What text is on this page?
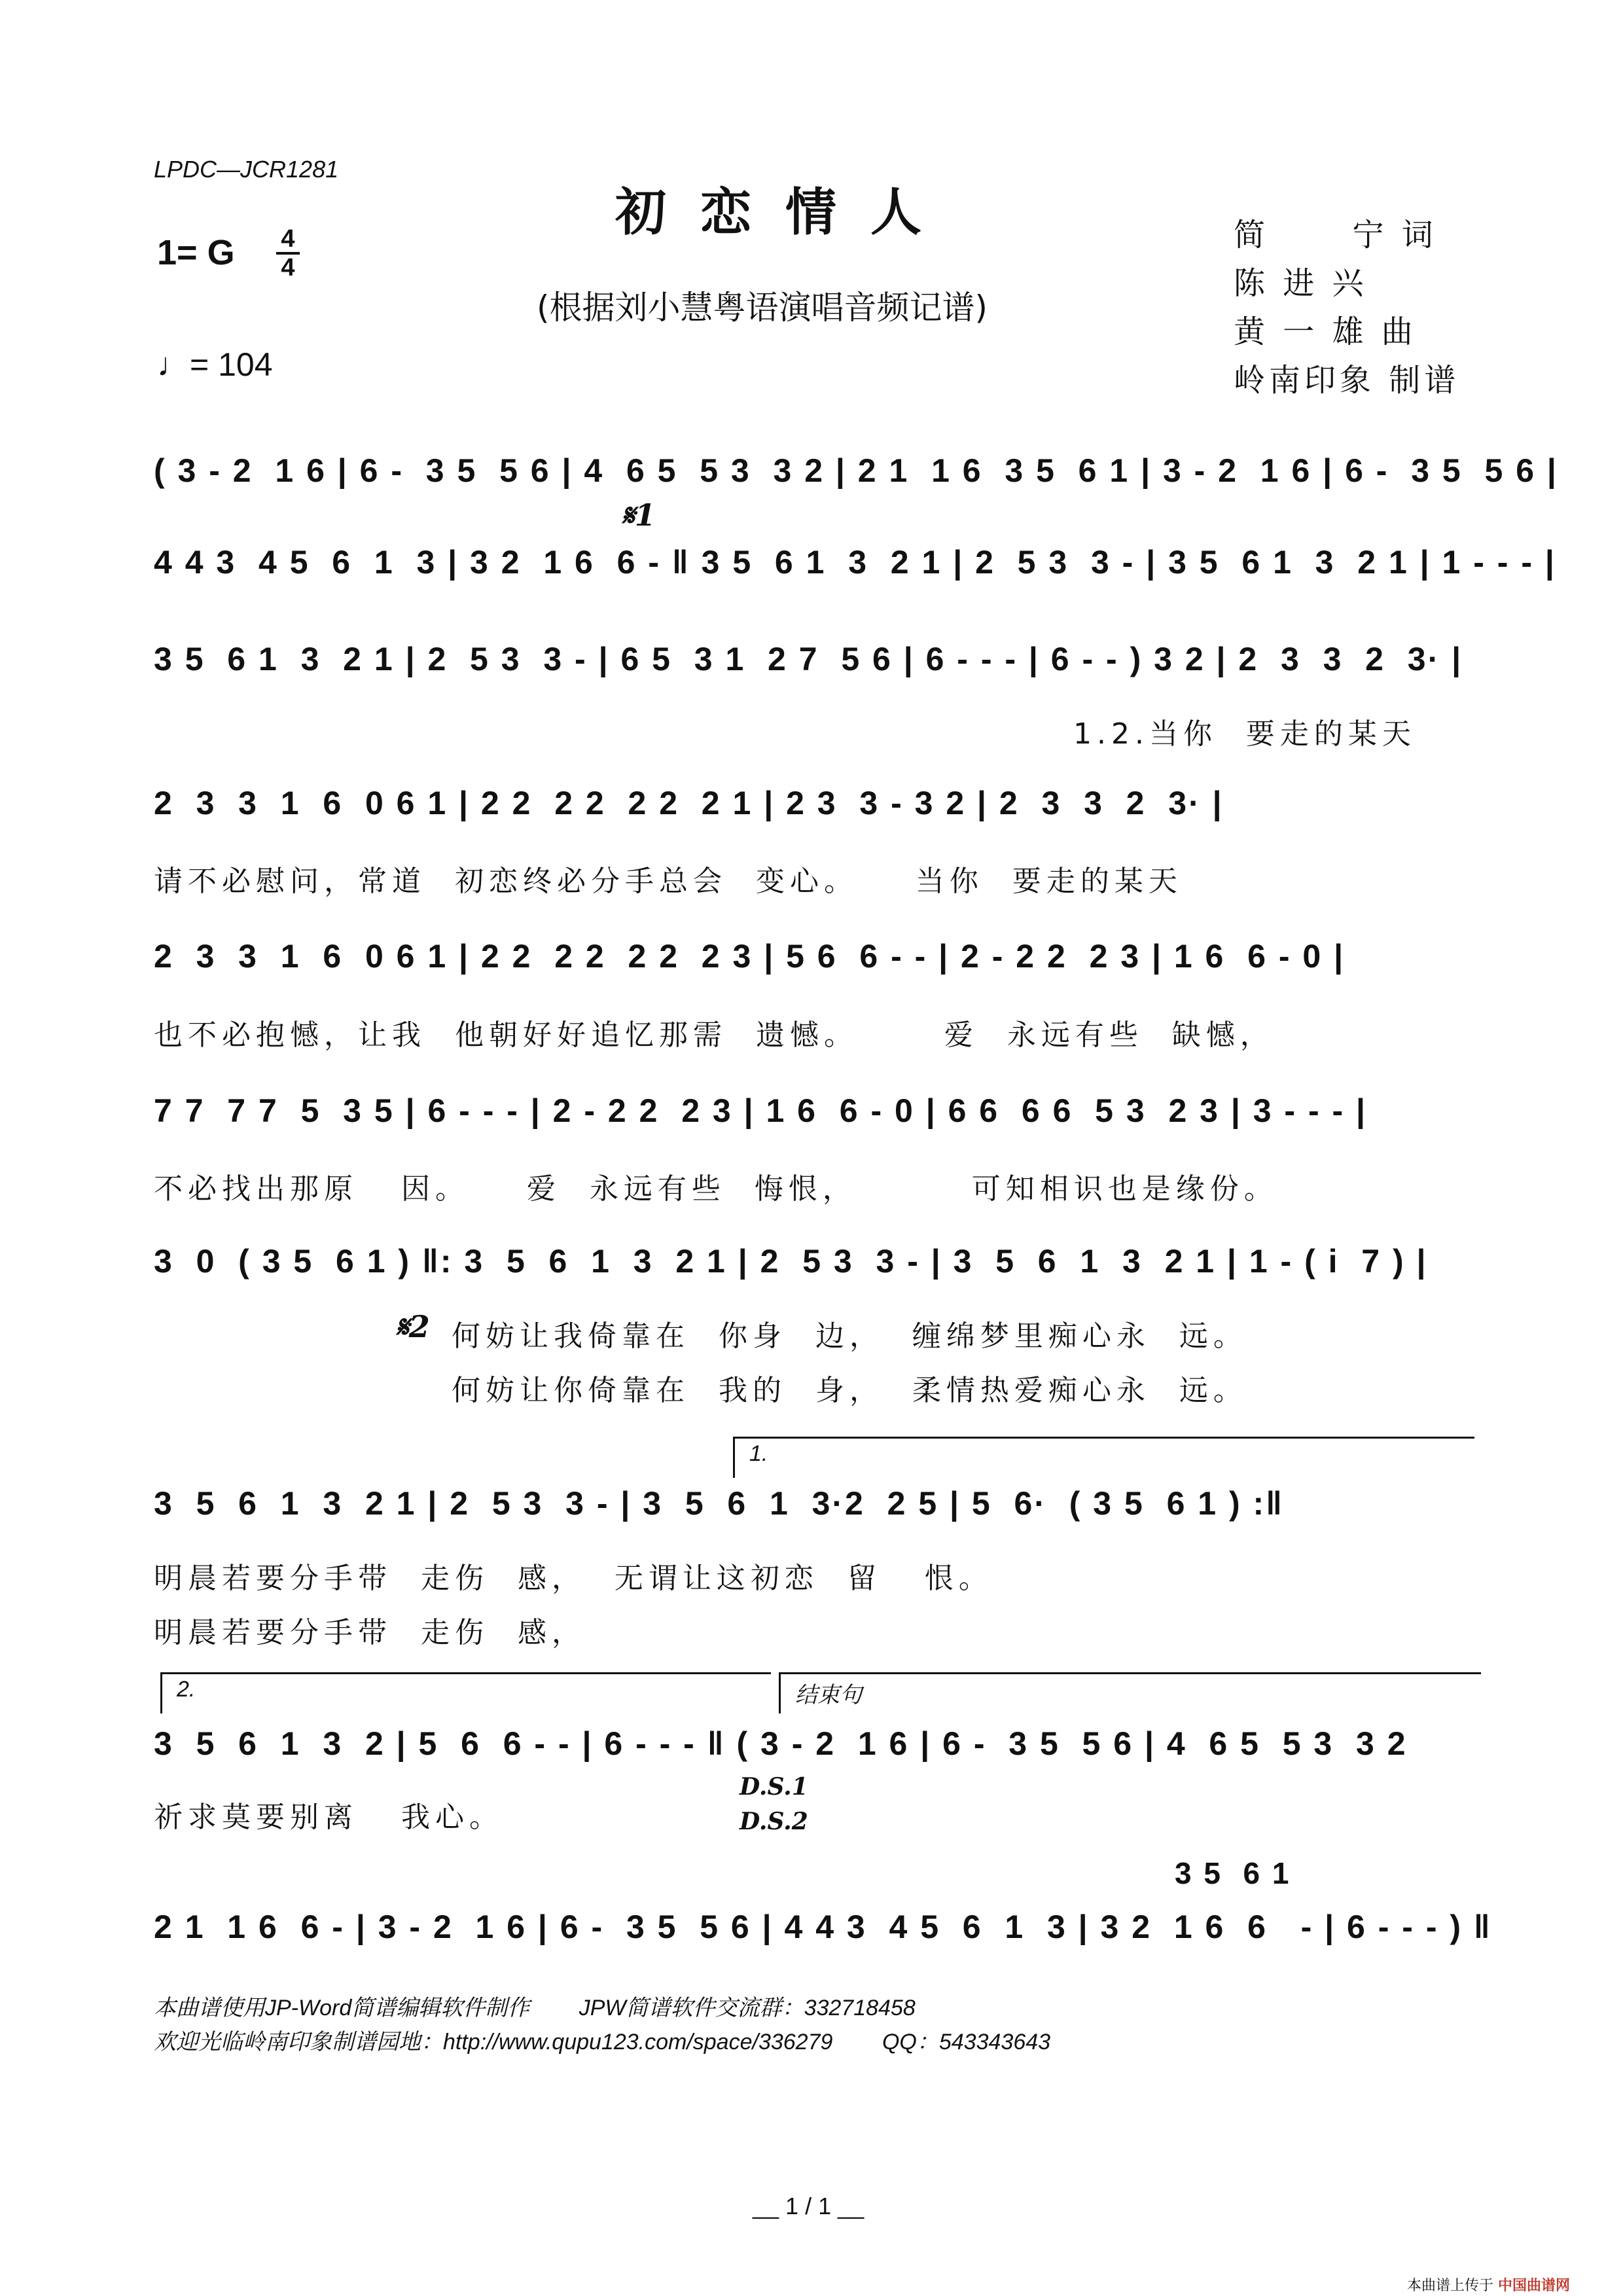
LPDC—JCR1281
初恋情人
(根据刘小慧粤语演唱音频记谱)
1= G	4
4
♩= 104
简      宁 词
陈 进 兴
黄 一 雄 曲
岭南印象 制谱
( 3 - 2  1 6 | 6 -  3 5  5 6 | 4  6 5  5 3  3 2 | 2 1  1 6  3 5  6 1 | 3 - 2  1 6 | 6 -  3 5  5 6 |
𝄋1
4 4 3  4 5  6  1  3 | 3 2  1 6  6 - ‖ 3 5  6 1  3  2 1 | 2  5 3  3 - | 3 5  6 1  3  2 1 | 1 - - - |
3 5  6 1  3  2 1 | 2  5 3  3 - | 6 5  3 1  2 7  5 6 | 6 - - - | 6 - - ) 3 2 | 2  3  3  2  3· |
1.2.当你  要走的某天
2  3  3  1  6  0 6 1 | 2 2  2 2  2 2  2 1 | 2 3  3 - 3 2 | 2  3  3  2  3· |
请不必慰问，常道  初恋终必分手总会  变心。    当你  要走的某天
2  3  3  1  6  0 6 1 | 2 2  2 2  2 2  2 3 | 5 6  6 - - | 2 - 2 2  2 3 | 1 6  6 - 0 |
也不必抱憾，让我  他朝好好追忆那需  遗憾。      爱  永远有些  缺憾，
7 7  7 7  5  3 5 | 6 - - - | 2 - 2 2  2 3 | 1 6  6 - 0 | 6 6  6 6  5 3  2 3 | 3 - - - |
不必找出那原   因。    爱  永远有些  悔恨，        可知相识也是缘份。
3  0  ( 3 5  6 1 ) ‖: 3  5  6  1  3  2 1 | 2  5 3  3 - | 3  5  6  1  3  2 1 | 1 - ( i  7 ) |
𝄋2 何妨让我倚靠在  你身  边，  缠绵梦里痴心永  远。
何妨让你倚靠在  我的  身，  柔情热爱痴心永  远。
1.
3  5  6  1  3  2 1 | 2  5 3  3 - | 3  5  6  1  3·2  2 5 | 5  6·  ( 3 5  6 1 ) :‖
明晨若要分手带  走伤  感，  无谓让这初恋  留   恨。
明晨若要分手带  走伤  感，
2.	结束句
3  5  6  1  3  2 | 5  6  6 - - | 6 - - - ‖ ( 3 - 2  1 6 | 6 -  3 5  5 6 | 4  6 5  5 3  3 2
祈求莫要别离   我心。
D.S.1
D.S.2
3 5  6 1
2 1  1 6  6 - | 3 - 2  1 6 | 6 -  3 5  5 6 | 4 4 3  4 5  6  1  3 | 3 2  1 6  6   - | 6 - - - ) ‖
本曲谱使用JP-Word简谱编辑软件制作        JPW简谱软件交流群：332718458
欢迎光临岭南印象制谱园地：http://www.qupu123.com/space/336279        QQ：543343643
__ 1 / 1 __
本曲谱上传于 中国曲谱网
